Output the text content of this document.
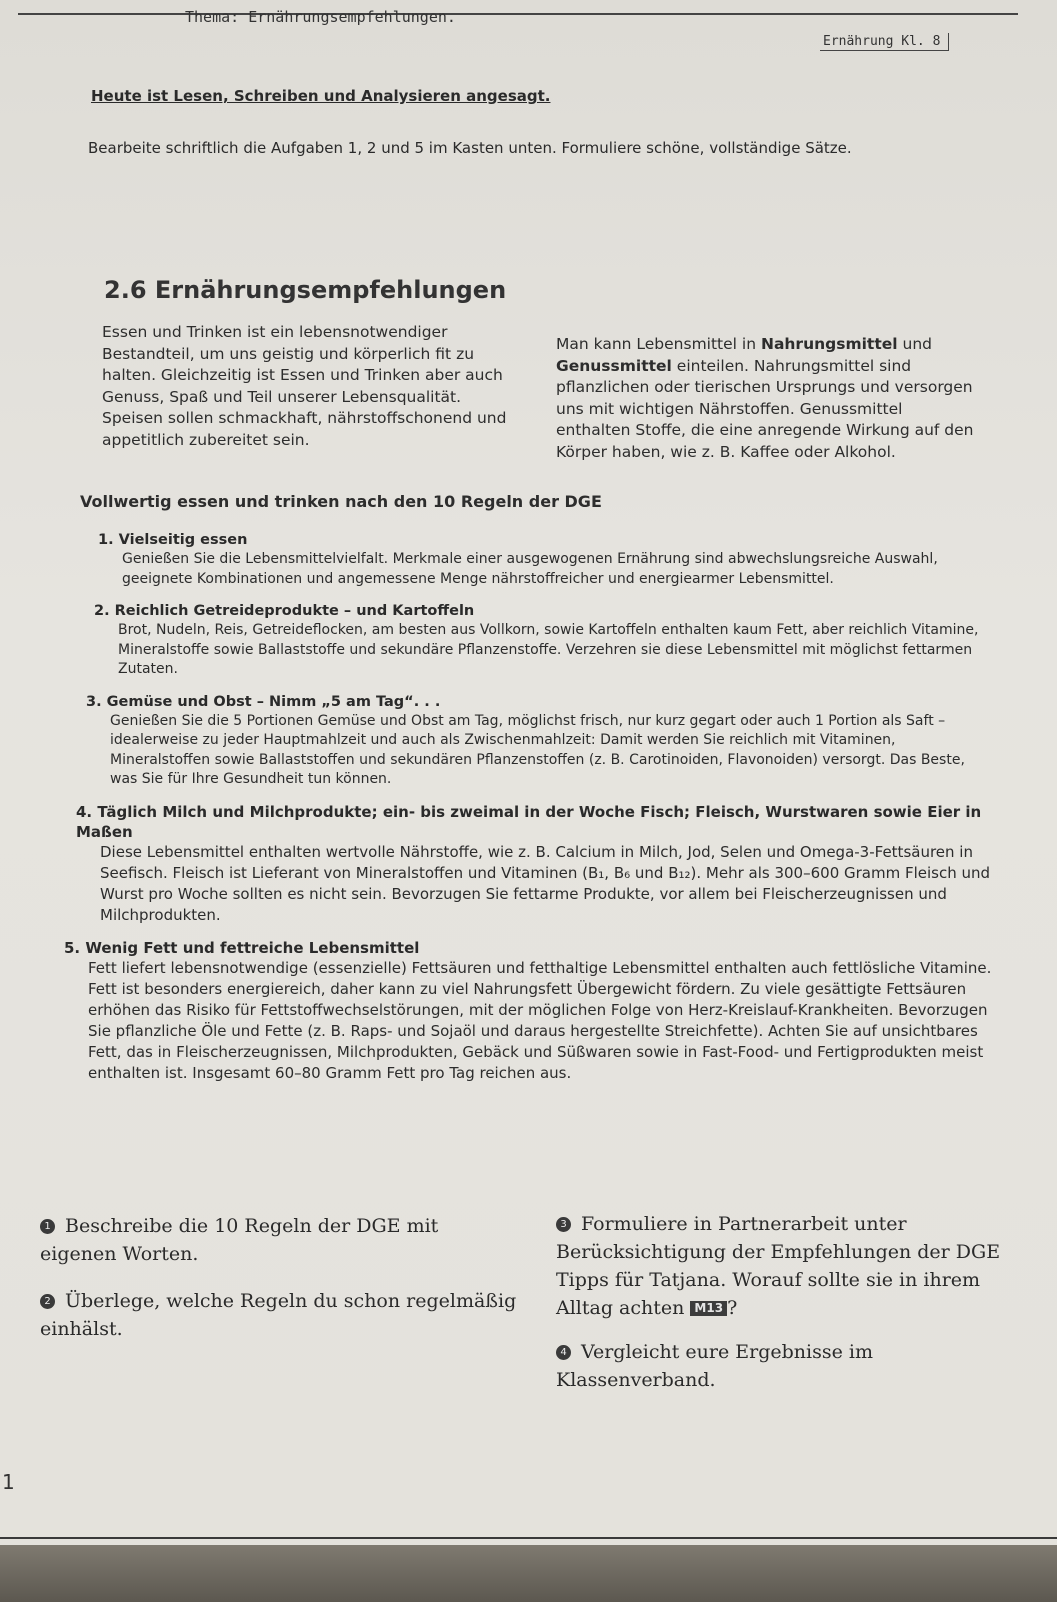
Thema: Ernährungsempfehlungen.
Ernährung Kl. 8
Heute ist Lesen, Schreiben und Analysieren angesagt.
Bearbeite schriftlich die Aufgaben 1, 2 und 5 im Kasten unten. Formuliere schöne, vollständige Sätze.
2.6 Ernährungsempfehlungen
Essen und Trinken ist ein lebensnotwendiger Bestandteil, um uns geistig und körperlich fit zu halten. Gleichzeitig ist Essen und Trinken aber auch Genuss, Spaß und Teil unserer Lebensqualität. Speisen sollen schmackhaft, nährstoffschonend und appetitlich zubereitet sein.
Man kann Lebensmittel in Nahrungsmittel und Genussmittel einteilen. Nahrungsmittel sind pflanzlichen oder tierischen Ursprungs und versorgen uns mit wichtigen Nährstoffen. Genussmittel enthalten Stoffe, die eine anregende Wirkung auf den Körper haben, wie z. B. Kaffee oder Alkohol.
Vollwertig essen und trinken nach den 10 Regeln der DGE
1. Vielseitig essen
Genießen Sie die Lebensmittelvielfalt. Merkmale einer ausgewogenen Ernährung sind abwechslungsreiche Auswahl, geeignete Kombinationen und angemessene Menge nährstoffreicher und energiearmer Lebensmittel.
2. Reichlich Getreideprodukte – und Kartoffeln
Brot, Nudeln, Reis, Getreideflocken, am besten aus Vollkorn, sowie Kartoffeln enthalten kaum Fett, aber reichlich Vitamine, Mineralstoffe sowie Ballaststoffe und sekundäre Pflanzenstoffe. Verzehren sie diese Lebensmittel mit möglichst fettarmen Zutaten.
3. Gemüse und Obst – Nimm „5 am Tag“. . .
Genießen Sie die 5 Portionen Gemüse und Obst am Tag, möglichst frisch, nur kurz gegart oder auch 1 Portion als Saft – idealerweise zu jeder Hauptmahlzeit und auch als Zwischenmahlzeit: Damit werden Sie reichlich mit Vitaminen, Mineralstoffen sowie Ballaststoffen und sekundären Pflanzenstoffen (z. B. Carotinoiden, Flavonoiden) versorgt. Das Beste, was Sie für Ihre Gesundheit tun können.
4. Täglich Milch und Milchprodukte; ein- bis zweimal in der Woche Fisch; Fleisch, Wurstwaren sowie Eier in Maßen
Diese Lebensmittel enthalten wertvolle Nährstoffe, wie z. B. Calcium in Milch, Jod, Selen und Omega-3-Fettsäuren in Seefisch. Fleisch ist Lieferant von Mineralstoffen und Vitaminen (B₁, B₆ und B₁₂). Mehr als 300–600 Gramm Fleisch und Wurst pro Woche sollten es nicht sein. Bevorzugen Sie fettarme Produkte, vor allem bei Fleischerzeugnissen und Milchprodukten.
5. Wenig Fett und fettreiche Lebensmittel
Fett liefert lebensnotwendige (essenzielle) Fettsäuren und fetthaltige Lebensmittel enthalten auch fettlösliche Vitamine. Fett ist besonders energiereich, daher kann zu viel Nahrungsfett Übergewicht fördern. Zu viele gesättigte Fettsäuren erhöhen das Risiko für Fettstoffwechselstörungen, mit der möglichen Folge von Herz-Kreislauf-Krankheiten. Bevorzugen Sie pflanzliche Öle und Fette (z. B. Raps- und Sojaöl und daraus hergestellte Streichfette). Achten Sie auf unsichtbares Fett, das in Fleischerzeugnissen, Milchprodukten, Gebäck und Süßwaren sowie in Fast-Food- und Fertigprodukten meist enthalten ist. Insgesamt 60–80 Gramm Fett pro Tag reichen aus.
1 Beschreibe die 10 Regeln der DGE mit eigenen Worten.
2 Überlege, welche Regeln du schon regelmäßig einhälst.
3 Formuliere in Partnerarbeit unter Berücksichtigung der Empfehlungen der DGE Tipps für Tatjana. Worauf sollte sie in ihrem Alltag achten M13 ?
4 Vergleicht eure Ergebnisse im Klassenverband.
1
